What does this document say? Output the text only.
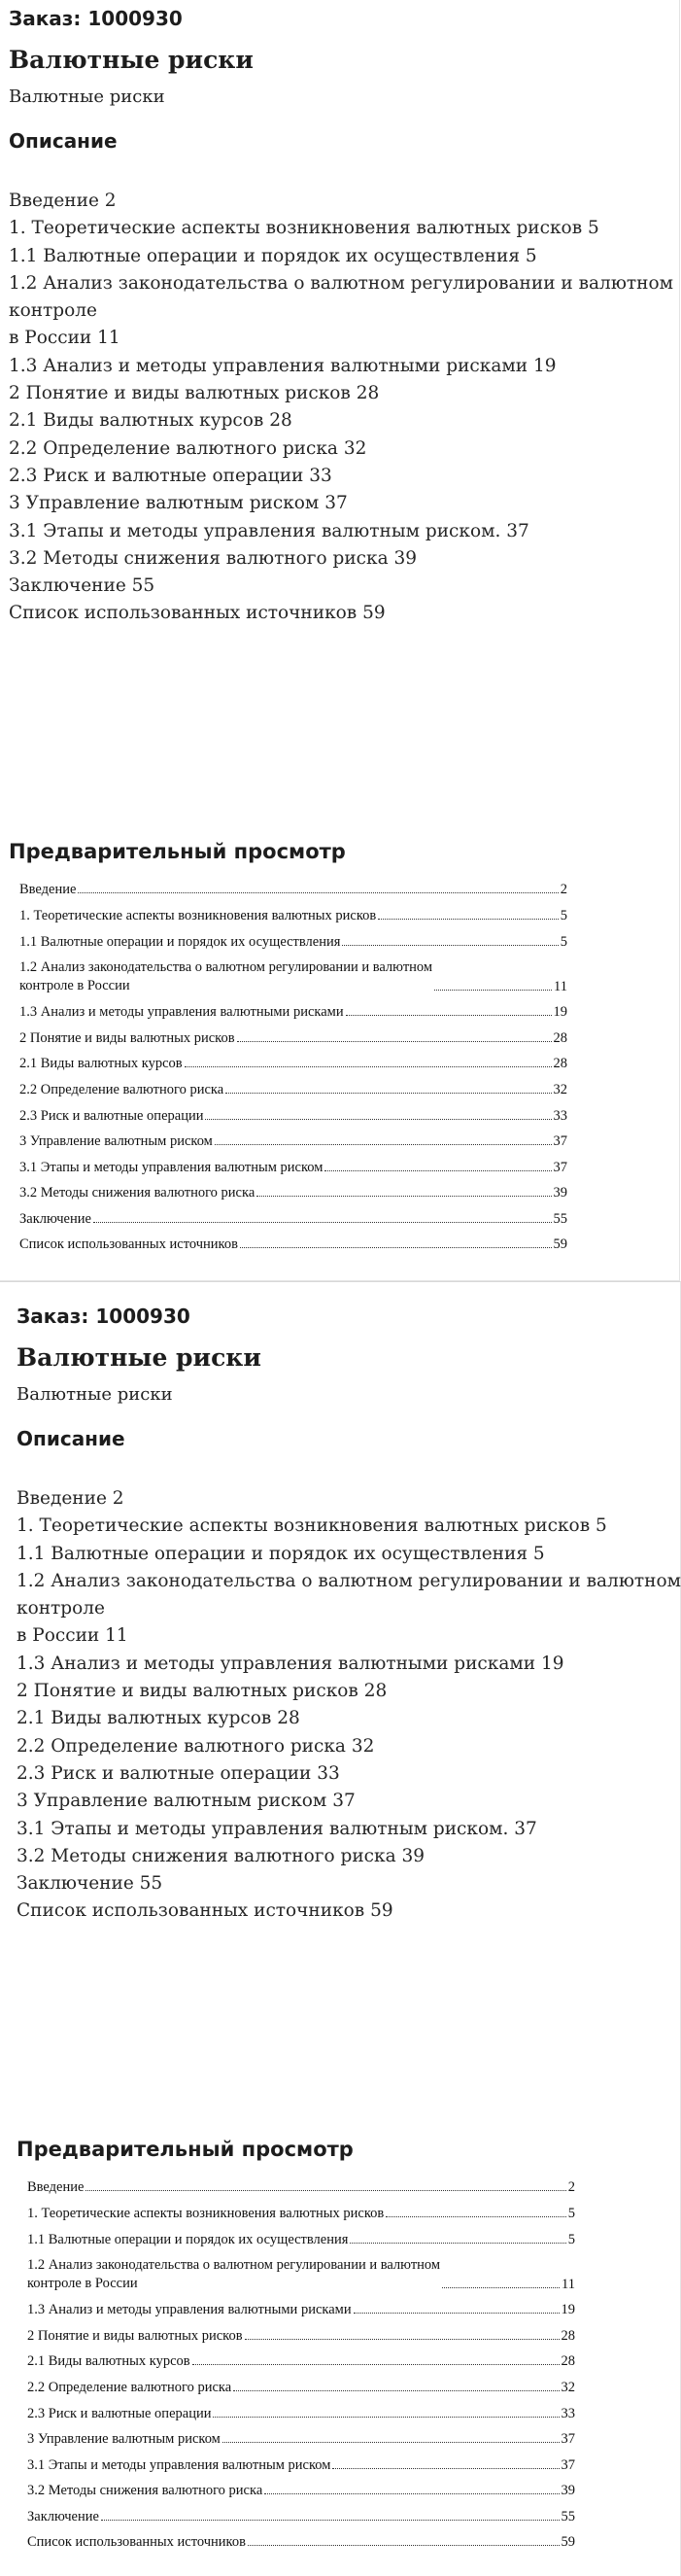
Заказ: 1000930

Валютные риски

Валютные риски

Описание
Введение 2
1. Теоретические аспекты возникновения валютных рисков 5
1.1 Валютные операции и порядок их осуществления 5
1.2 Анализ законодательства о валютном регулировании и валютном
контроле
в России 11
1.3 Анализ и методы управления валютными рисками 19
2 Понятие и виды валютных рисков 28
2.1 Виды валютных курсов 28
2.2 Определение валютного риска 32
2.3 Риск и валютные операции 33
3 Управление валютным риском 37
3.1 Этапы и методы управления валютным риском. 37
3.2 Методы снижения валютного риска 39
Заключение 55
Список использованных источников 59
Предварительный просмотр
Введение	2
1. Теоретические аспекты возникновения валютных рисков	5
1.1 Валютные операции и порядок их осуществления	5
1.2 Анализ законодательства о валютном регулировании и валютном
контроле в России	11
1.3 Анализ и методы управления валютными рисками	19
2 Понятие и виды валютных рисков	28
2.1 Виды валютных курсов	28
2.2 Определение валютного риска	32
2.3 Риск и валютные операции	33
3 Управление валютным риском	37
3.1 Этапы и методы управления валютным риском	37
3.2 Методы снижения валютного риска	39
Заключение	55
Список использованных источников	59

Заказ: 1000930

Валютные риски

Валютные риски

Описание
Введение 2
1. Теоретические аспекты возникновения валютных рисков 5
1.1 Валютные операции и порядок их осуществления 5
1.2 Анализ законодательства о валютном регулировании и валютном
контроле
в России 11
1.3 Анализ и методы управления валютными рисками 19
2 Понятие и виды валютных рисков 28
2.1 Виды валютных курсов 28
2.2 Определение валютного риска 32
2.3 Риск и валютные операции 33
3 Управление валютным риском 37
3.1 Этапы и методы управления валютным риском. 37
3.2 Методы снижения валютного риска 39
Заключение 55
Список использованных источников 59
Предварительный просмотр
Введение	2
1. Теоретические аспекты возникновения валютных рисков	5
1.1 Валютные операции и порядок их осуществления	5
1.2 Анализ законодательства о валютном регулировании и валютном
контроле в России	11
1.3 Анализ и методы управления валютными рисками	19
2 Понятие и виды валютных рисков	28
2.1 Виды валютных курсов	28
2.2 Определение валютного риска	32
2.3 Риск и валютные операции	33
3 Управление валютным риском	37
3.1 Этапы и методы управления валютным риском	37
3.2 Методы снижения валютного риска	39
Заключение	55
Список использованных источников	59
